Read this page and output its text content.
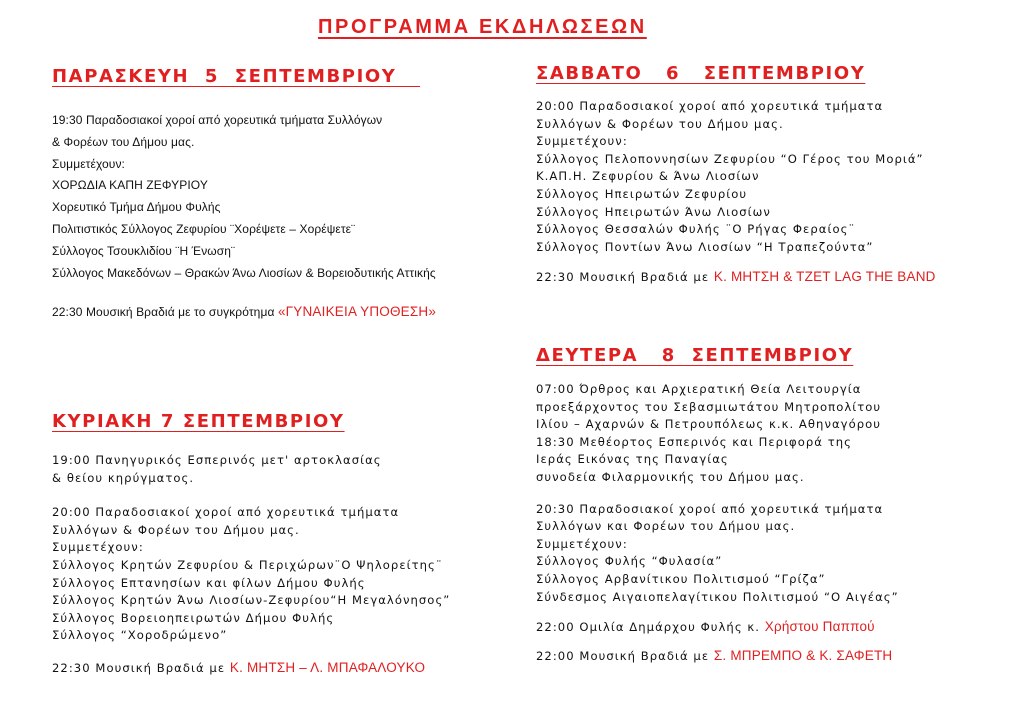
ΠΡΟΓΡΑΜΜΑ ΕΚΔΗΛΩΣΕΩΝ
ΠΑΡΑΣΚΕΥΗ  5  ΣΕΠΤΕΜΒΡΙΟΥ
19:30 Παραδοσιακοί χοροί από χορευτικά τμήματα Συλλόγων
& Φορέων του Δήμου μας.
Συμμετέχουν:
ΧΟΡΩΔΙΑ ΚΑΠΗ ΖΕΦΥΡΙΟΥ
Χορευτικό Τμήμα Δήμου Φυλής
Πολιτιστικός Σύλλογος Ζεφυρίου ¨Χορέψετε – Χορέψετε¨
Σύλλογος Τσουκλιδίου ¨Η Ένωση¨
Σύλλογος Μακεδόνων – Θρακών Άνω Λιοσίων & Βορειοδυτικής Αττικής
22:30 Μουσική Βραδιά με το συγκρότημα «ΓΥΝΑΙΚΕΙΑ ΥΠΟΘΕΣΗ»
ΣΑΒΒΑΤΟ   6   ΣΕΠΤΕΜΒΡΙΟΥ
20:00 Παραδοσιακοί χοροί από χορευτικά τμήματα
Συλλόγων & Φορέων του Δήμου μας.
Συμμετέχουν:
Σύλλογος Πελοποννησίων Ζεφυρίου “Ο Γέρος του Μοριά”
Κ.ΑΠ.Η. Ζεφυρίου & Άνω Λιοσίων
Σύλλογος Ηπειρωτών Ζεφυρίου
Σύλλογος Ηπειρωτών Άνω Λιοσίων
Σύλλογος Θεσσαλών Φυλής ¨Ο Ρήγας Φεραίος¨
Σύλλογος Ποντίων Άνω Λιοσίων “Η Τραπεζούντα”
22:30 Μουσική Βραδιά με Κ. ΜΗΤΣΗ & ΤΖΕΤ LAG THE BAND
ΚΥΡΙΑΚΗ 7 ΣΕΠΤΕΜΒΡΙΟΥ
19:00 Πανηγυρικός Εσπερινός μετ' αρτοκλασίας
& θείου κηρύγματος.
20:00 Παραδοσιακοί χοροί από χορευτικά τμήματα
Συλλόγων & Φορέων του Δήμου μας.
Συμμετέχουν:
Σύλλογος Κρητών Ζεφυρίου & Περιχώρων¨Ο Ψηλορείτης¨
Σύλλογος Επτανησίων και φίλων Δήμου Φυλής
Σύλλογος Κρητών Άνω Λιοσίων-Ζεφυρίου“Η Μεγαλόνησος”
Σύλλογος Βορειοηπειρωτών Δήμου Φυλής
Σύλλογος “Χοροδρώμενο”
22:30 Μουσική Βραδιά με Κ. ΜΗΤΣΗ – Λ. ΜΠΑΦΑΛΟΥΚΟ
ΔΕΥΤΕΡΑ   8  ΣΕΠΤΕΜΒΡΙΟΥ
07:00 Όρθρος και Αρχιερατική Θεία Λειτουργία
προεξάρχοντος του Σεβασμιωτάτου Μητροπολίτου
Ιλίου – Αχαρνών & Πετρουπόλεως κ.κ. Αθηναγόρου
18:30 Μεθέορτος Εσπερινός και Περιφορά της
Ιεράς Εικόνας της Παναγίας
συνοδεία Φιλαρμονικής του Δήμου μας.
20:30 Παραδοσιακοί χοροί από χορευτικά τμήματα
Συλλόγων και Φορέων του Δήμου μας.
Συμμετέχουν:
Σύλλογος Φυλής “Φυλασία”
Σύλλογος Αρβανίτικου Πολιτισμού “Γρίζα”
Σύνδεσμος Αιγαιοπελαγίτικου Πολιτισμού “Ο Αιγέας”
22:00 Ομιλία Δημάρχου Φυλής κ. Χρήστου Παππού
22:00 Μουσική Βραδιά με Σ. ΜΠΡΕΜΠΟ & Κ. ΣΑΦΕΤΗ
